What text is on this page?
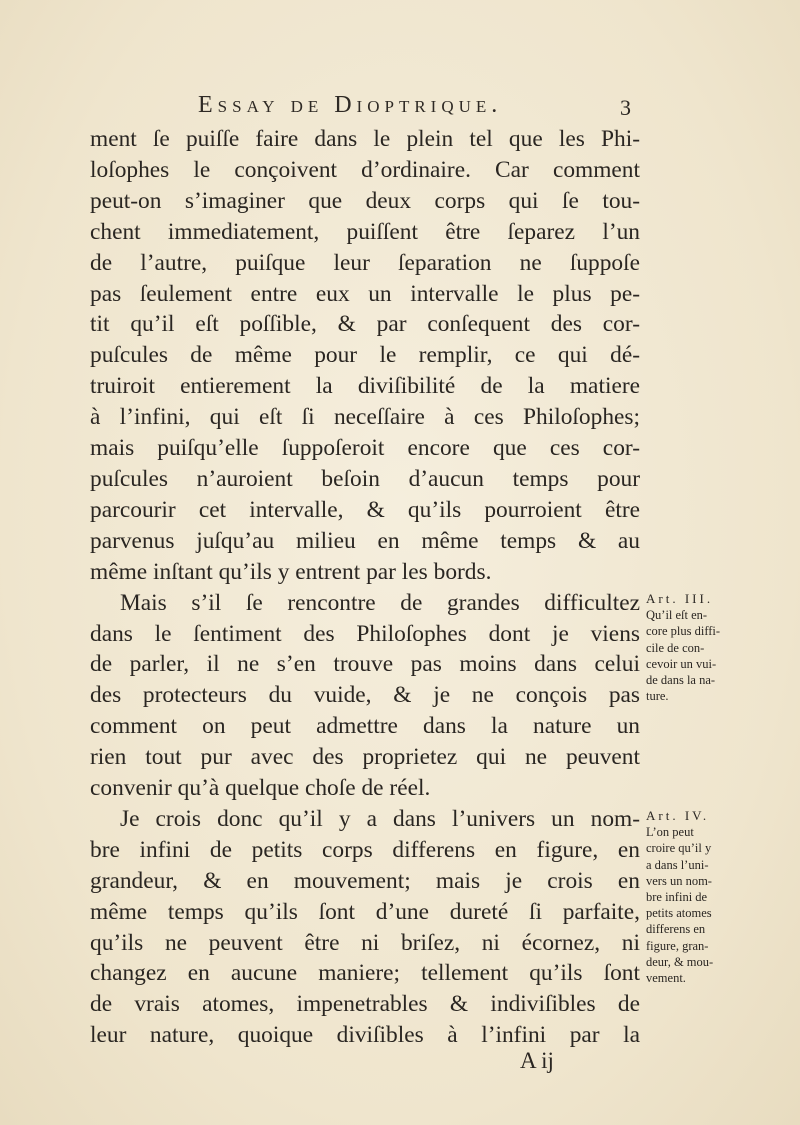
Essay de Dioptrique.	3
ment ſe puiſſe faire dans le plein tel que les Phi-
loſophes le conçoivent d’ordinaire. Car comment
peut-on s’imaginer que deux corps qui ſe tou-
chent immediatement, puiſſent être ſeparez l’un
de l’autre, puiſque leur ſeparation ne ſuppoſe
pas ſeulement entre eux un intervalle le plus pe-
tit qu’il eſt poſſible, & par conſequent des cor-
puſcules de même pour le remplir, ce qui dé-
truiroit entierement la diviſibilité de la matiere
à l’infini, qui eſt ſi neceſſaire à ces Philoſophes;
mais puiſqu’elle ſuppoſeroit encore que ces cor-
puſcules n’auroient beſoin d’aucun temps pour
parcourir cet intervalle, & qu’ils pourroient être
parvenus juſqu’au milieu en même temps & au
même inſtant qu’ils y entrent par les bords.
Mais s’il ſe rencontre de grandes difficultez
dans le ſentiment des Philoſophes dont je viens
de parler, il ne s’en trouve pas moins dans celui
des protecteurs du vuide, & je ne conçois pas
comment on peut admettre dans la nature un
rien tout pur avec des proprietez qui ne peuvent
convenir qu’à quelque choſe de réel.
Je crois donc qu’il y a dans l’univers un nom-
bre infini de petits corps differens en figure, en
grandeur, & en mouvement; mais je crois en
même temps qu’ils ſont d’une dureté ſi parfaite,
qu’ils ne peuvent être ni briſez, ni écornez, ni
changez en aucune maniere; tellement qu’ils ſont
de vrais atomes, impenetrables & indiviſibles de
leur nature, quoique diviſibles à l’infini par la
A ij
Art. III.
Qu’il eſt en-
core plus diffi-
cile de con-
cevoir un vui-
de dans la na-
ture.
Art. IV.
L’on peut
croire qu’il y
a dans l’uni-
vers un nom-
bre infini de
petits atomes
differens en
figure, gran-
deur, & mou-
vement.
